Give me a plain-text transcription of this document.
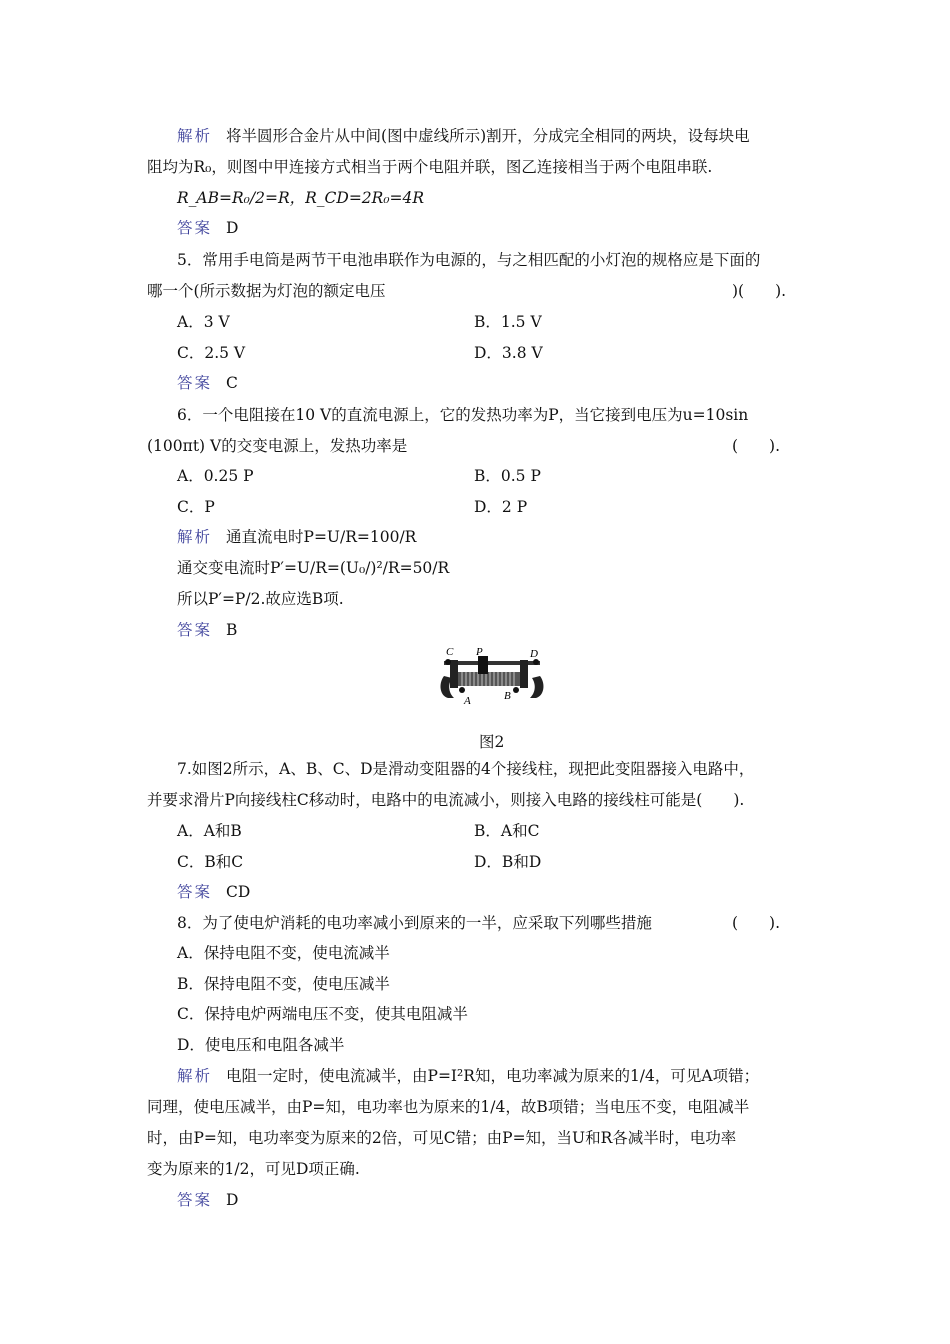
解析 将半圆形合金片从中间(图中虚线所示)割开，分成完全相同的两块，设每块电
阻均为R₀，则图中甲连接方式相当于两个电阻并联，图乙连接相当于两个电阻串联.
R_AB=R₀/2=R，R_CD=2R₀=4R
答案 D
5．常用手电筒是两节干电池串联作为电源的，与之相匹配的小灯泡的规格应是下面的
哪一个(所示数据为灯泡的额定电压	)(　　).
A．3 V	B．1.5 V
C．2.5 V	D．3.8 V
答案 C
6．一个电阻接在10 V的直流电源上，它的发热功率为P，当它接到电压为u=10sin
(100πt) V的交变电源上，发热功率是	(　　).
A．0.25 P	B．0.5 P
C．P	D．2 P
解析 通直流电时P=U/R=100/R
通交变电流时P′=U/R=(U₀/)²/R=50/R
所以P′=P/2.故应选B项.
答案 B
C P	D
A	B
图2
7.如图2所示，A、B、C、D是滑动变阻器的4个接线柱，现把此变阻器接入电路中，
并要求滑片P向接线柱C移动时，电路中的电流减小，则接入电路的接线柱可能是(　　).
A．A和B	B．A和C
C．B和C	D．B和D
答案 CD
8．为了使电炉消耗的电功率减小到原来的一半，应采取下列哪些措施	(　　).
A．保持电阻不变，使电流减半
B．保持电阻不变，使电压减半
C．保持电炉两端电压不变，使其电阻减半
D．使电压和电阻各减半
解析 电阻一定时，使电流减半，由P=I²R知，电功率减为原来的1/4，可见A项错；
同理，使电压减半，由P=知，电功率也为原来的1/4，故B项错；当电压不变，电阻减半
时，由P=知，电功率变为原来的2倍，可见C错；由P=知，当U和R各减半时，电功率
变为原来的1/2，可见D项正确.
答案 D
